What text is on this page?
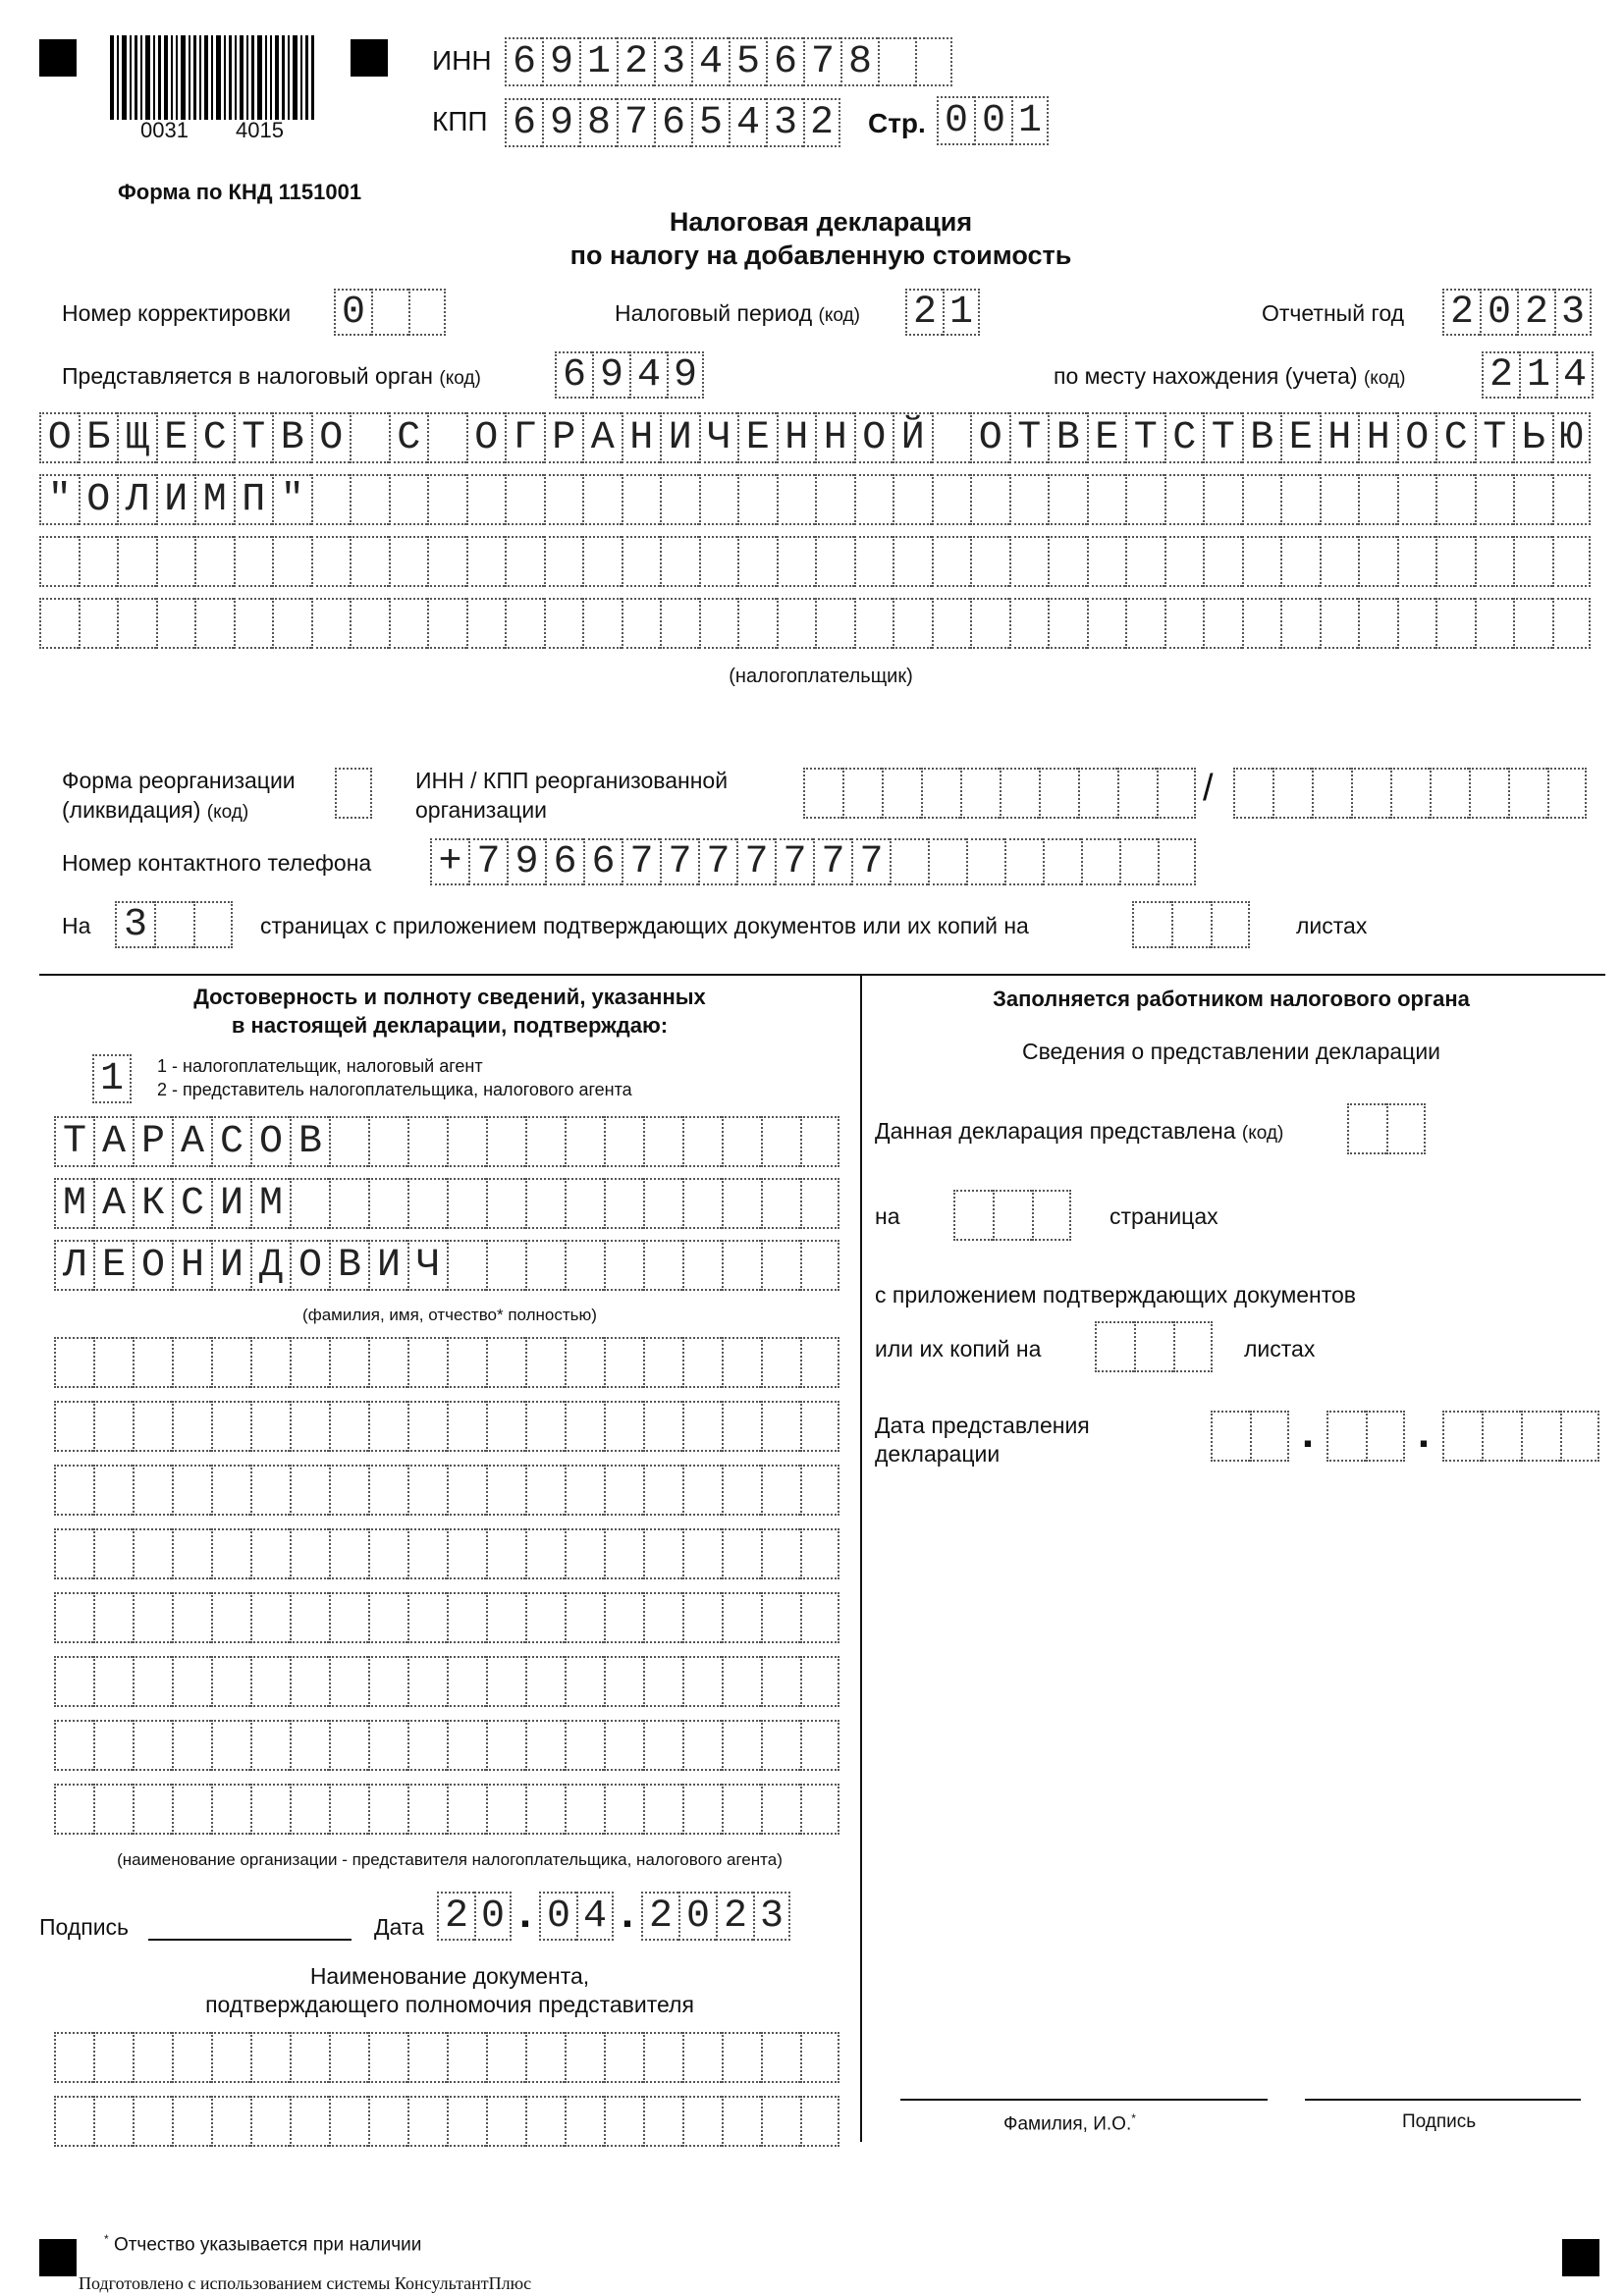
0031 4015
ИНН 6 9 1 2 3 4 5 6 7 8
КПП 6 9 8 7 6 5 4 3 2 Стр. 0 0 1
Форма по КНД 1151001
Налоговая декларация
по налогу на добавленную стоимость
Номер корректировки 0	Налоговый период (код) 2 1	Отчетный год 2 0 2 3
Представляется в налоговый орган (код) 6 9 4 9	по месту нахождения (учета) (код) 2 1 4
О Б Щ Е С Т В О С О Г Р А Н И Ч Е Н Н О Й О Т В Е Т С Т В Е Н Н О С Т Ь Ю
" О Л И М П "
(налогоплательщик)
Форма реорганизации
(ликвидация) (код)
ИНН / КПП реорганизованной
организации
/
Номер контактного телефона + 7 9 6 6 7 7 7 7 7 7 7
На 3	страницах с приложением подтверждающих документов или их копий на	листах
Достоверность и полноту сведений, указанных
в настоящей декларации, подтверждаю:
1	1 - налогоплательщик, налоговый агент
2 - представитель налогоплательщика, налогового агента
Т А Р А С О В
М А К С И М
Л Е О Н И Д О В И Ч
(фамилия, имя, отчество* полностью)
(наименование организации - представителя налогоплательщика, налогового агента)
Подпись	Дата 2 0 . 0 4 . 2 0 2 3
Наименование документа,
подтверждающего полномочия представителя
Заполняется работником налогового органа
Сведения о представлении декларации
Данная декларация представлена (код)
на	страницах
с приложением подтверждающих документов
или их копий на	листах
Дата представления
декларации	. .
Фамилия, И.О.*	Подпись
* Отчество указывается при наличии
Подготовлено с использованием системы КонсультантПлюс
